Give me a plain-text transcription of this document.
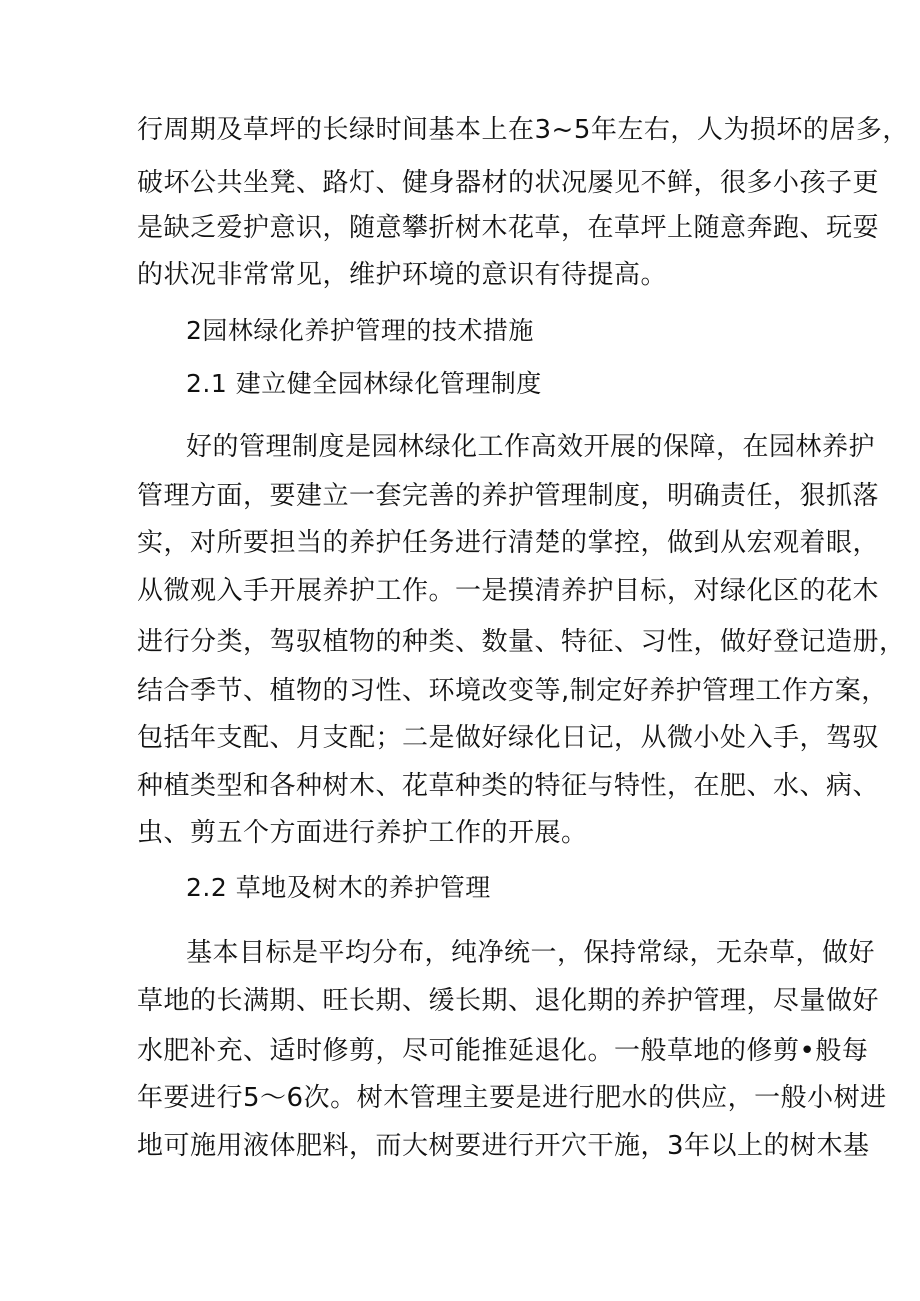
行周期及草坪的长绿时间基本上在3~5年左右，人为损坏的居多，
破坏公共坐凳、路灯、健身器材的状况屡见不鲜，很多小孩子更
是缺乏爱护意识，随意攀折树木花草，在草坪上随意奔跑、玩耍
的状况非常常见，维护环境的意识有待提高。
2园林绿化养护管理的技术措施
2.1 建立健全园林绿化管理制度
好的管理制度是园林绿化工作高效开展的保障，在园林养护
管理方面，要建立一套完善的养护管理制度，明确责任，狠抓落
实，对所要担当的养护任务进行清楚的掌控，做到从宏观着眼，
从微观入手开展养护工作。一是摸清养护目标，对绿化区的花木
进行分类，驾驭植物的种类、数量、特征、习性，做好登记造册，
结合季节、植物的习性、环境改变等,制定好养护管理工作方案，
包括年支配、月支配；二是做好绿化日记，从微小处入手，驾驭
种植类型和各种树木、花草种类的特征与特性，在肥、水、病、
虫、剪五个方面进行养护工作的开展。
2.2 草地及树木的养护管理
基本目标是平均分布，纯净统一，保持常绿，无杂草，做好
草地的长满期、旺长期、缓长期、退化期的养护管理，尽量做好
水肥补充、适时修剪，尽可能推延退化。一般草地的修剪•般每
年要进行5～6次。树木管理主要是进行肥水的供应，一般小树进
地可施用液体肥料，而大树要进行开穴干施，3年以上的树木基
